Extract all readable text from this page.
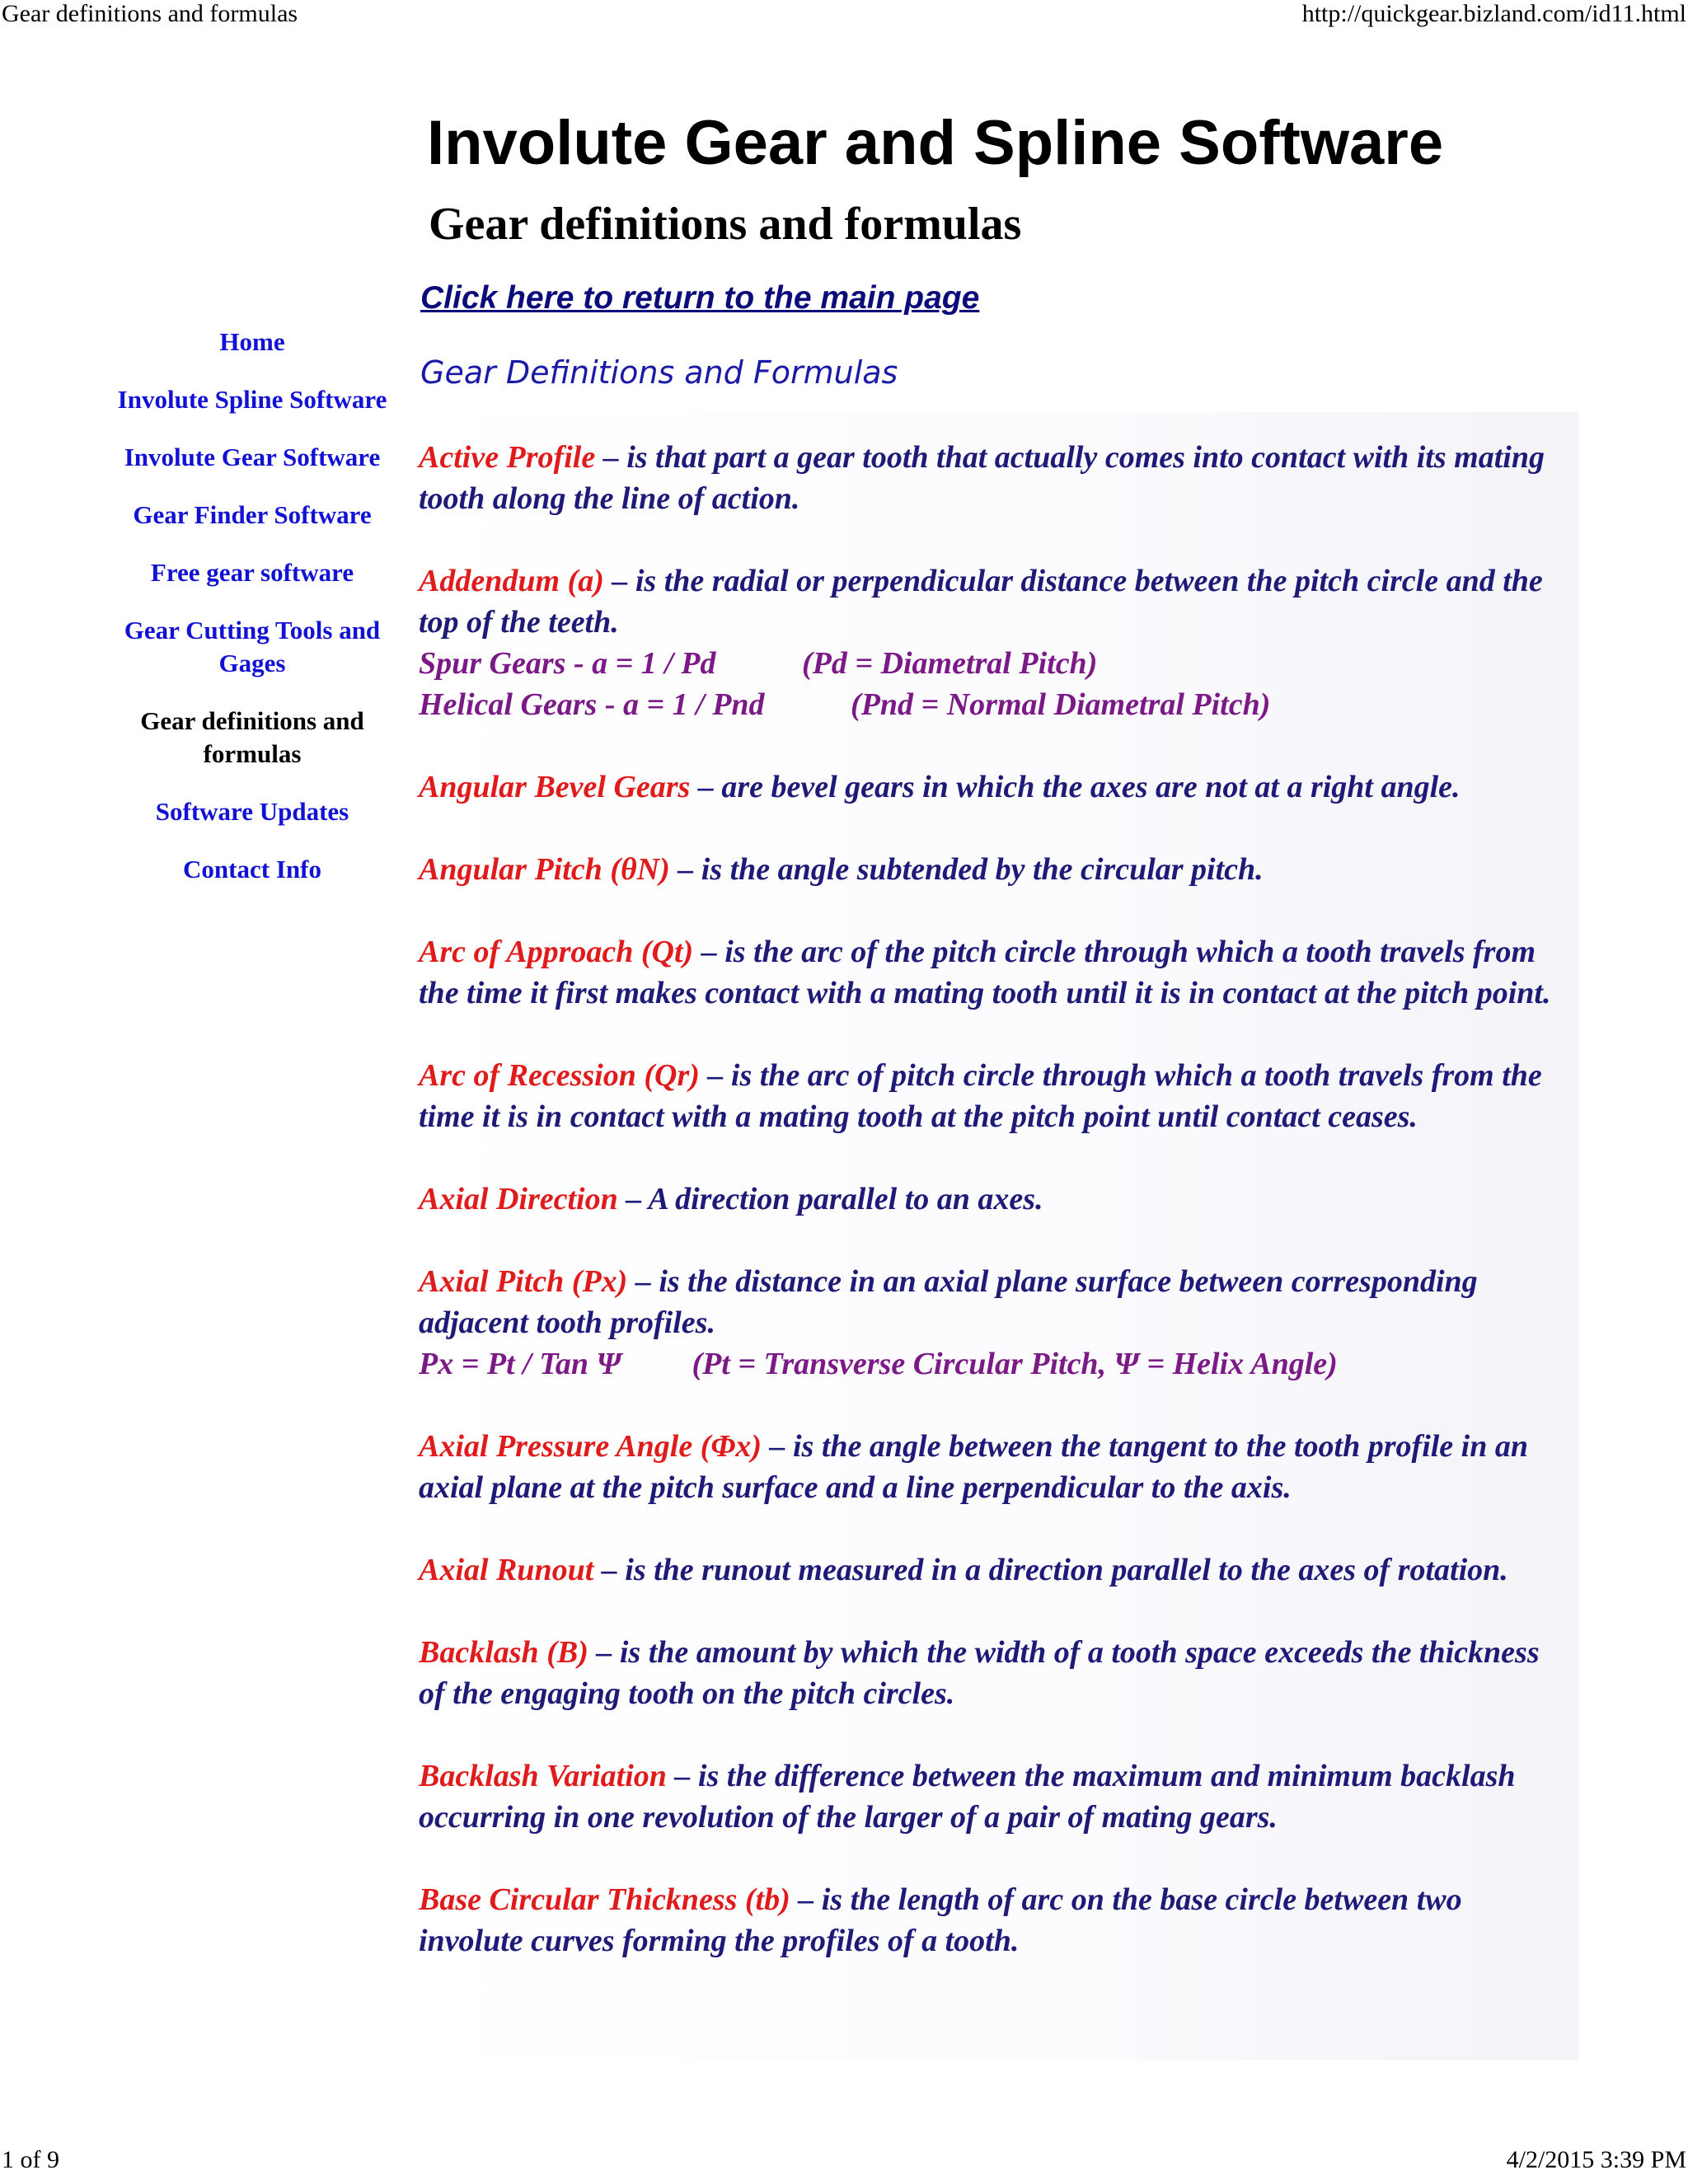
Gear definitions and formulas	http://quickgear.bizland.com/id11.html
Involute Gear and Spline Software
Gear definitions and formulas
Click here to return to the main page
Gear Definitions and Formulas
Home
Involute Spline Software
Involute Gear Software
Gear Finder Software
Free gear software
Gear Cutting Tools and Gages
Gear definitions and formulas
Software Updates
Contact Info

Active Profile – is that part a gear tooth that actually comes into contact with its mating tooth along the line of action.

Addendum (a) – is the radial or perpendicular distance between the pitch circle and the top of the teeth.
Spur Gears - a = 1 / Pd           (Pd = Diametral Pitch)
Helical Gears - a = 1 / Pnd           (Pnd = Normal Diametral Pitch)

Angular Bevel Gears – are bevel gears in which the axes are not at a right angle.

Angular Pitch (θN) – is the angle subtended by the circular pitch.

Arc of Approach (Qt) – is the arc of the pitch circle through which a tooth travels from the time it first makes contact with a mating tooth until it is in contact at the pitch point.

Arc of Recession (Qr) – is the arc of pitch circle through which a tooth travels from the time it is in contact with a mating tooth at the pitch point until contact ceases.

Axial Direction – A direction parallel to an axes.

Axial Pitch (Px) – is the distance in an axial plane surface between corresponding adjacent tooth profiles.
Px = Pt / Tan Ψ         (Pt = Transverse Circular Pitch, Ψ = Helix Angle)

Axial Pressure Angle (Φx) – is the angle between the tangent to the tooth profile in an axial plane at the pitch surface and a line perpendicular to the axis.

Axial Runout – is the runout measured in a direction parallel to the axes of rotation.

Backlash (B) – is the amount by which the width of a tooth space exceeds the thickness of the engaging tooth on the pitch circles.

Backlash Variation – is the difference between the maximum and minimum backlash occurring in one revolution of the larger of a pair of mating gears.

Base Circular Thickness (tb) – is the length of arc on the base circle between two involute curves forming the profiles of a tooth.

1 of 9	4/2/2015 3:39 PM
